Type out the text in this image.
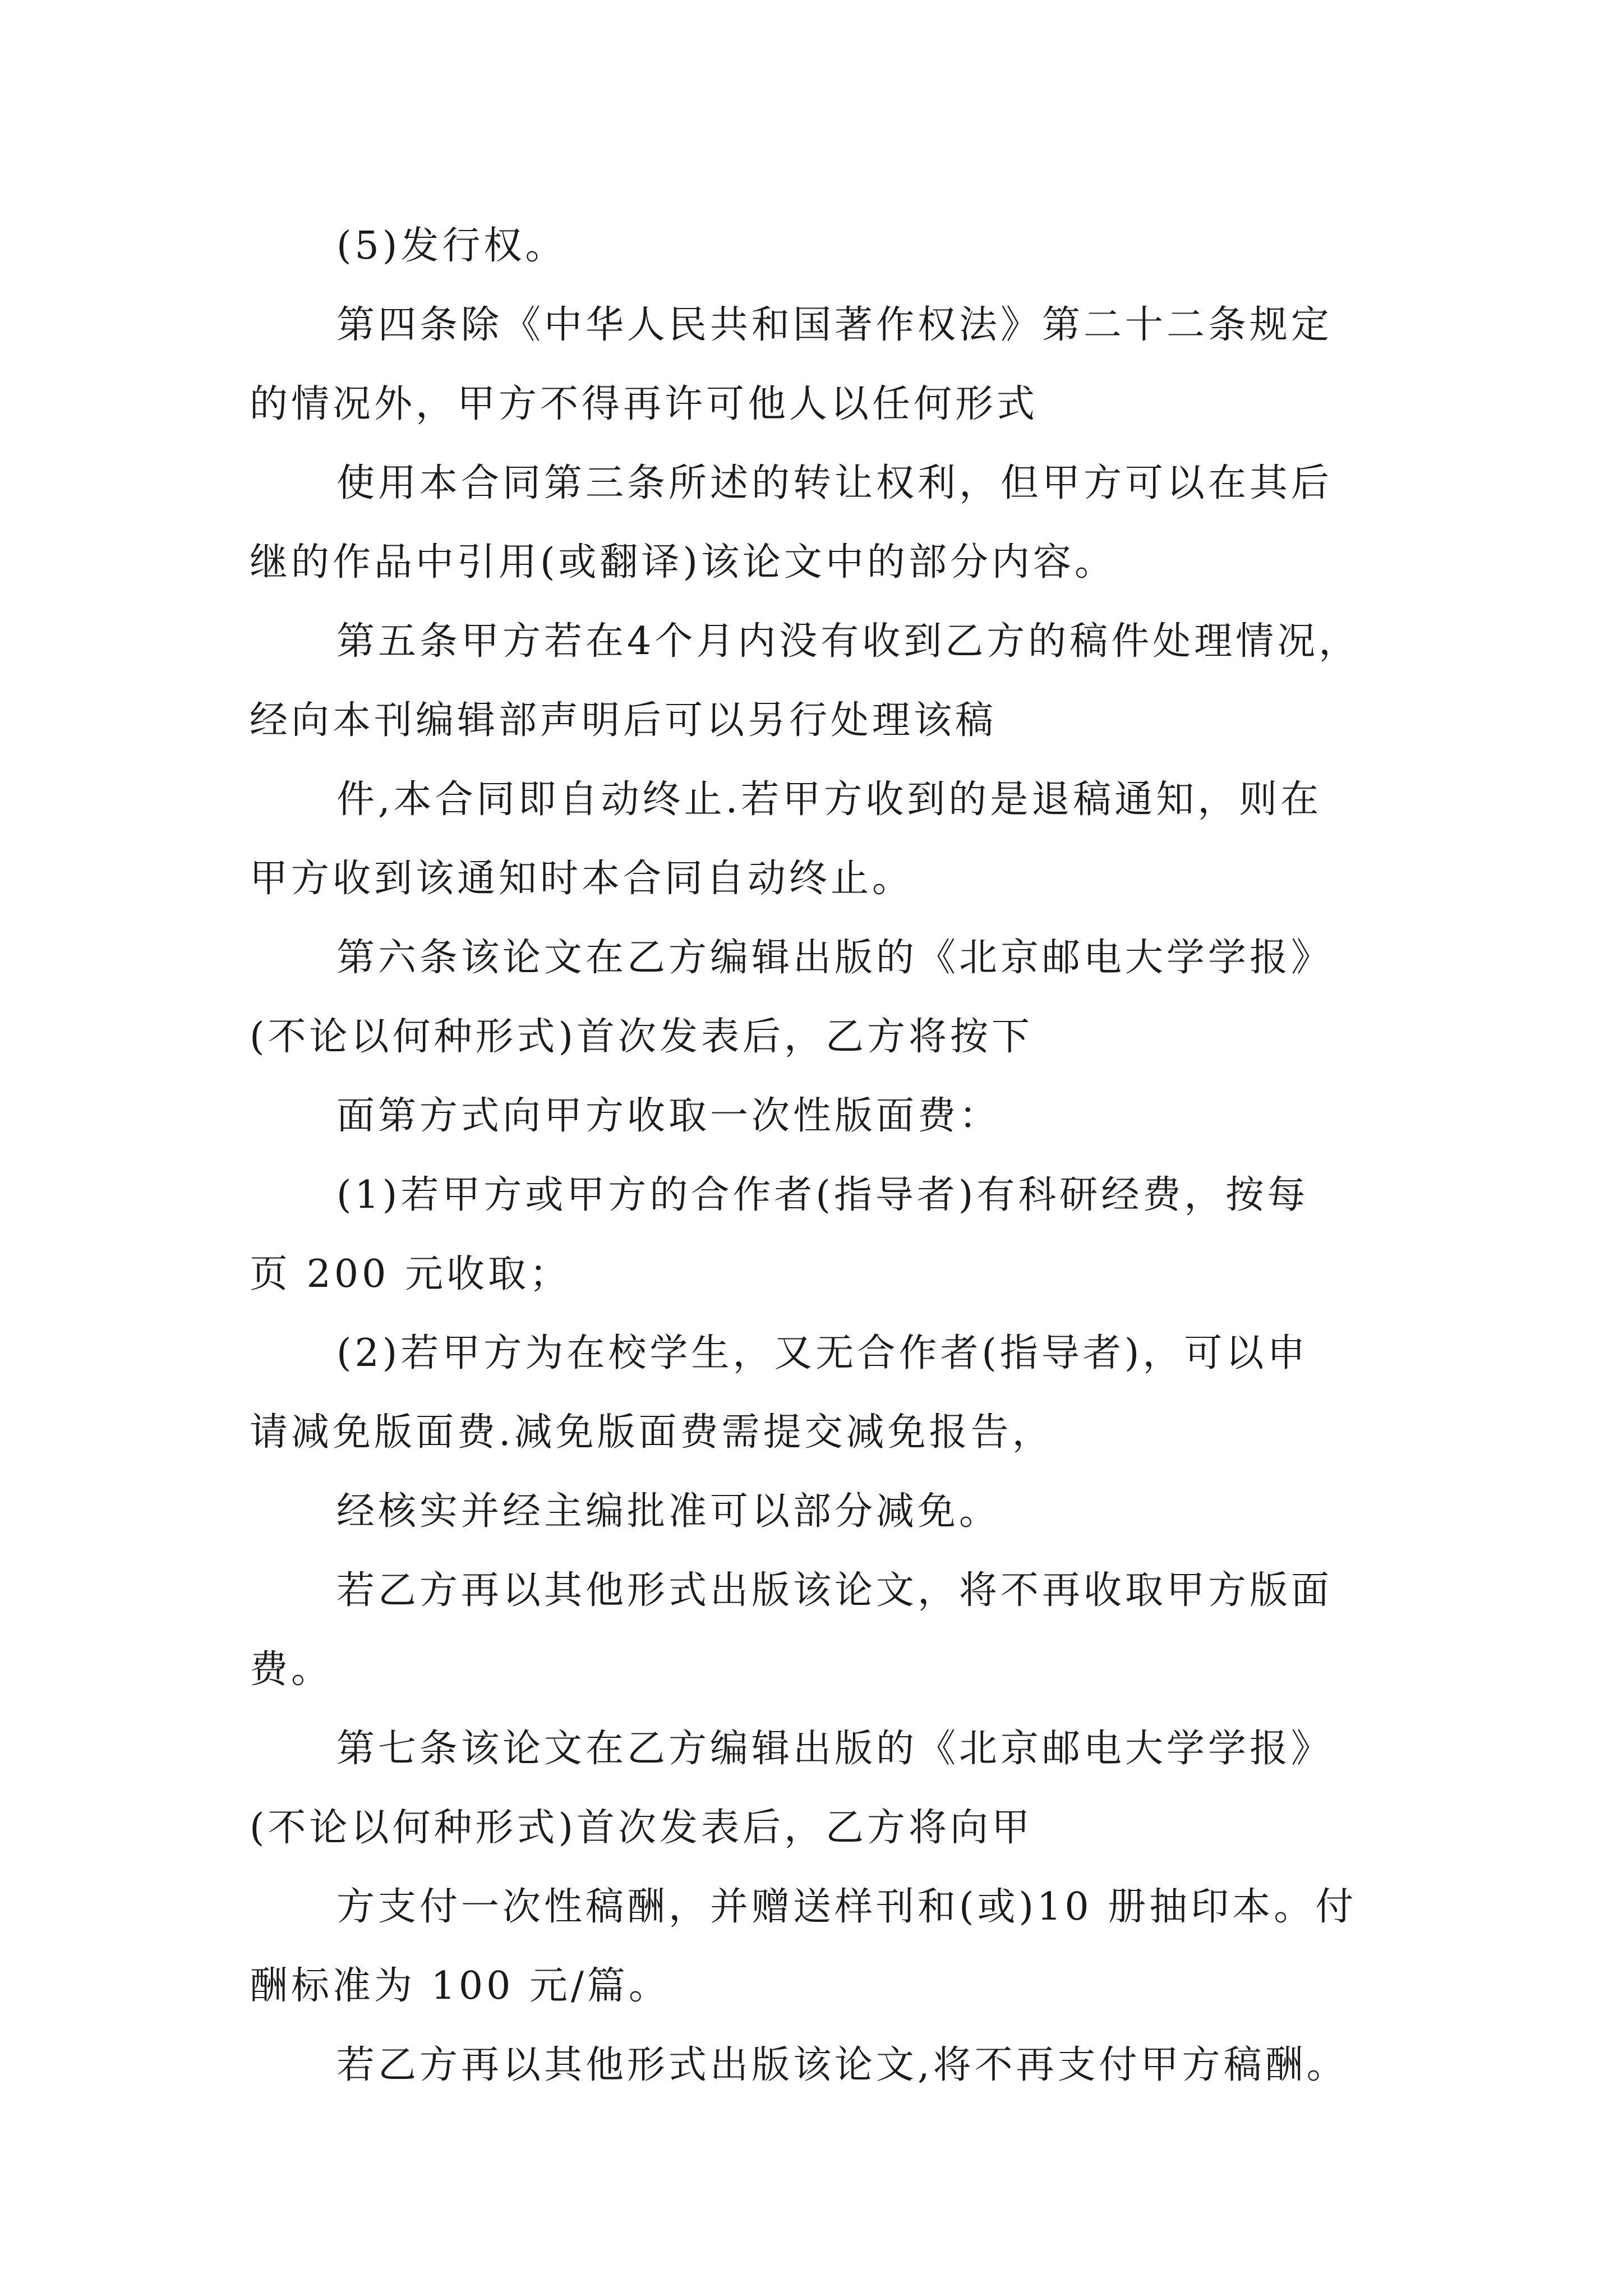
(5)发行权。
第四条除《中华人民共和国著作权法》第二十二条规定
的情况外，甲方不得再许可他人以任何形式
使用本合同第三条所述的转让权利，但甲方可以在其后
继的作品中引用(或翻译)该论文中的部分内容。
第五条甲方若在4个月内没有收到乙方的稿件处理情况，
经向本刊编辑部声明后可以另行处理该稿
件,本合同即自动终止.若甲方收到的是退稿通知，则在
甲方收到该通知时本合同自动终止。
第六条该论文在乙方编辑出版的《北京邮电大学学报》
(不论以何种形式)首次发表后，乙方将按下
面第方式向甲方收取一次性版面费：
(1)若甲方或甲方的合作者(指导者)有科研经费，按每
页 200 元收取；
(2)若甲方为在校学生，又无合作者(指导者)，可以申
请减免版面费.减免版面费需提交减免报告，
经核实并经主编批准可以部分减免。
若乙方再以其他形式出版该论文，将不再收取甲方版面
费。
第七条该论文在乙方编辑出版的《北京邮电大学学报》
(不论以何种形式)首次发表后，乙方将向甲
方支付一次性稿酬，并赠送样刊和(或)10 册抽印本。付
酬标准为 100 元/篇。
若乙方再以其他形式出版该论文,将不再支付甲方稿酬。
